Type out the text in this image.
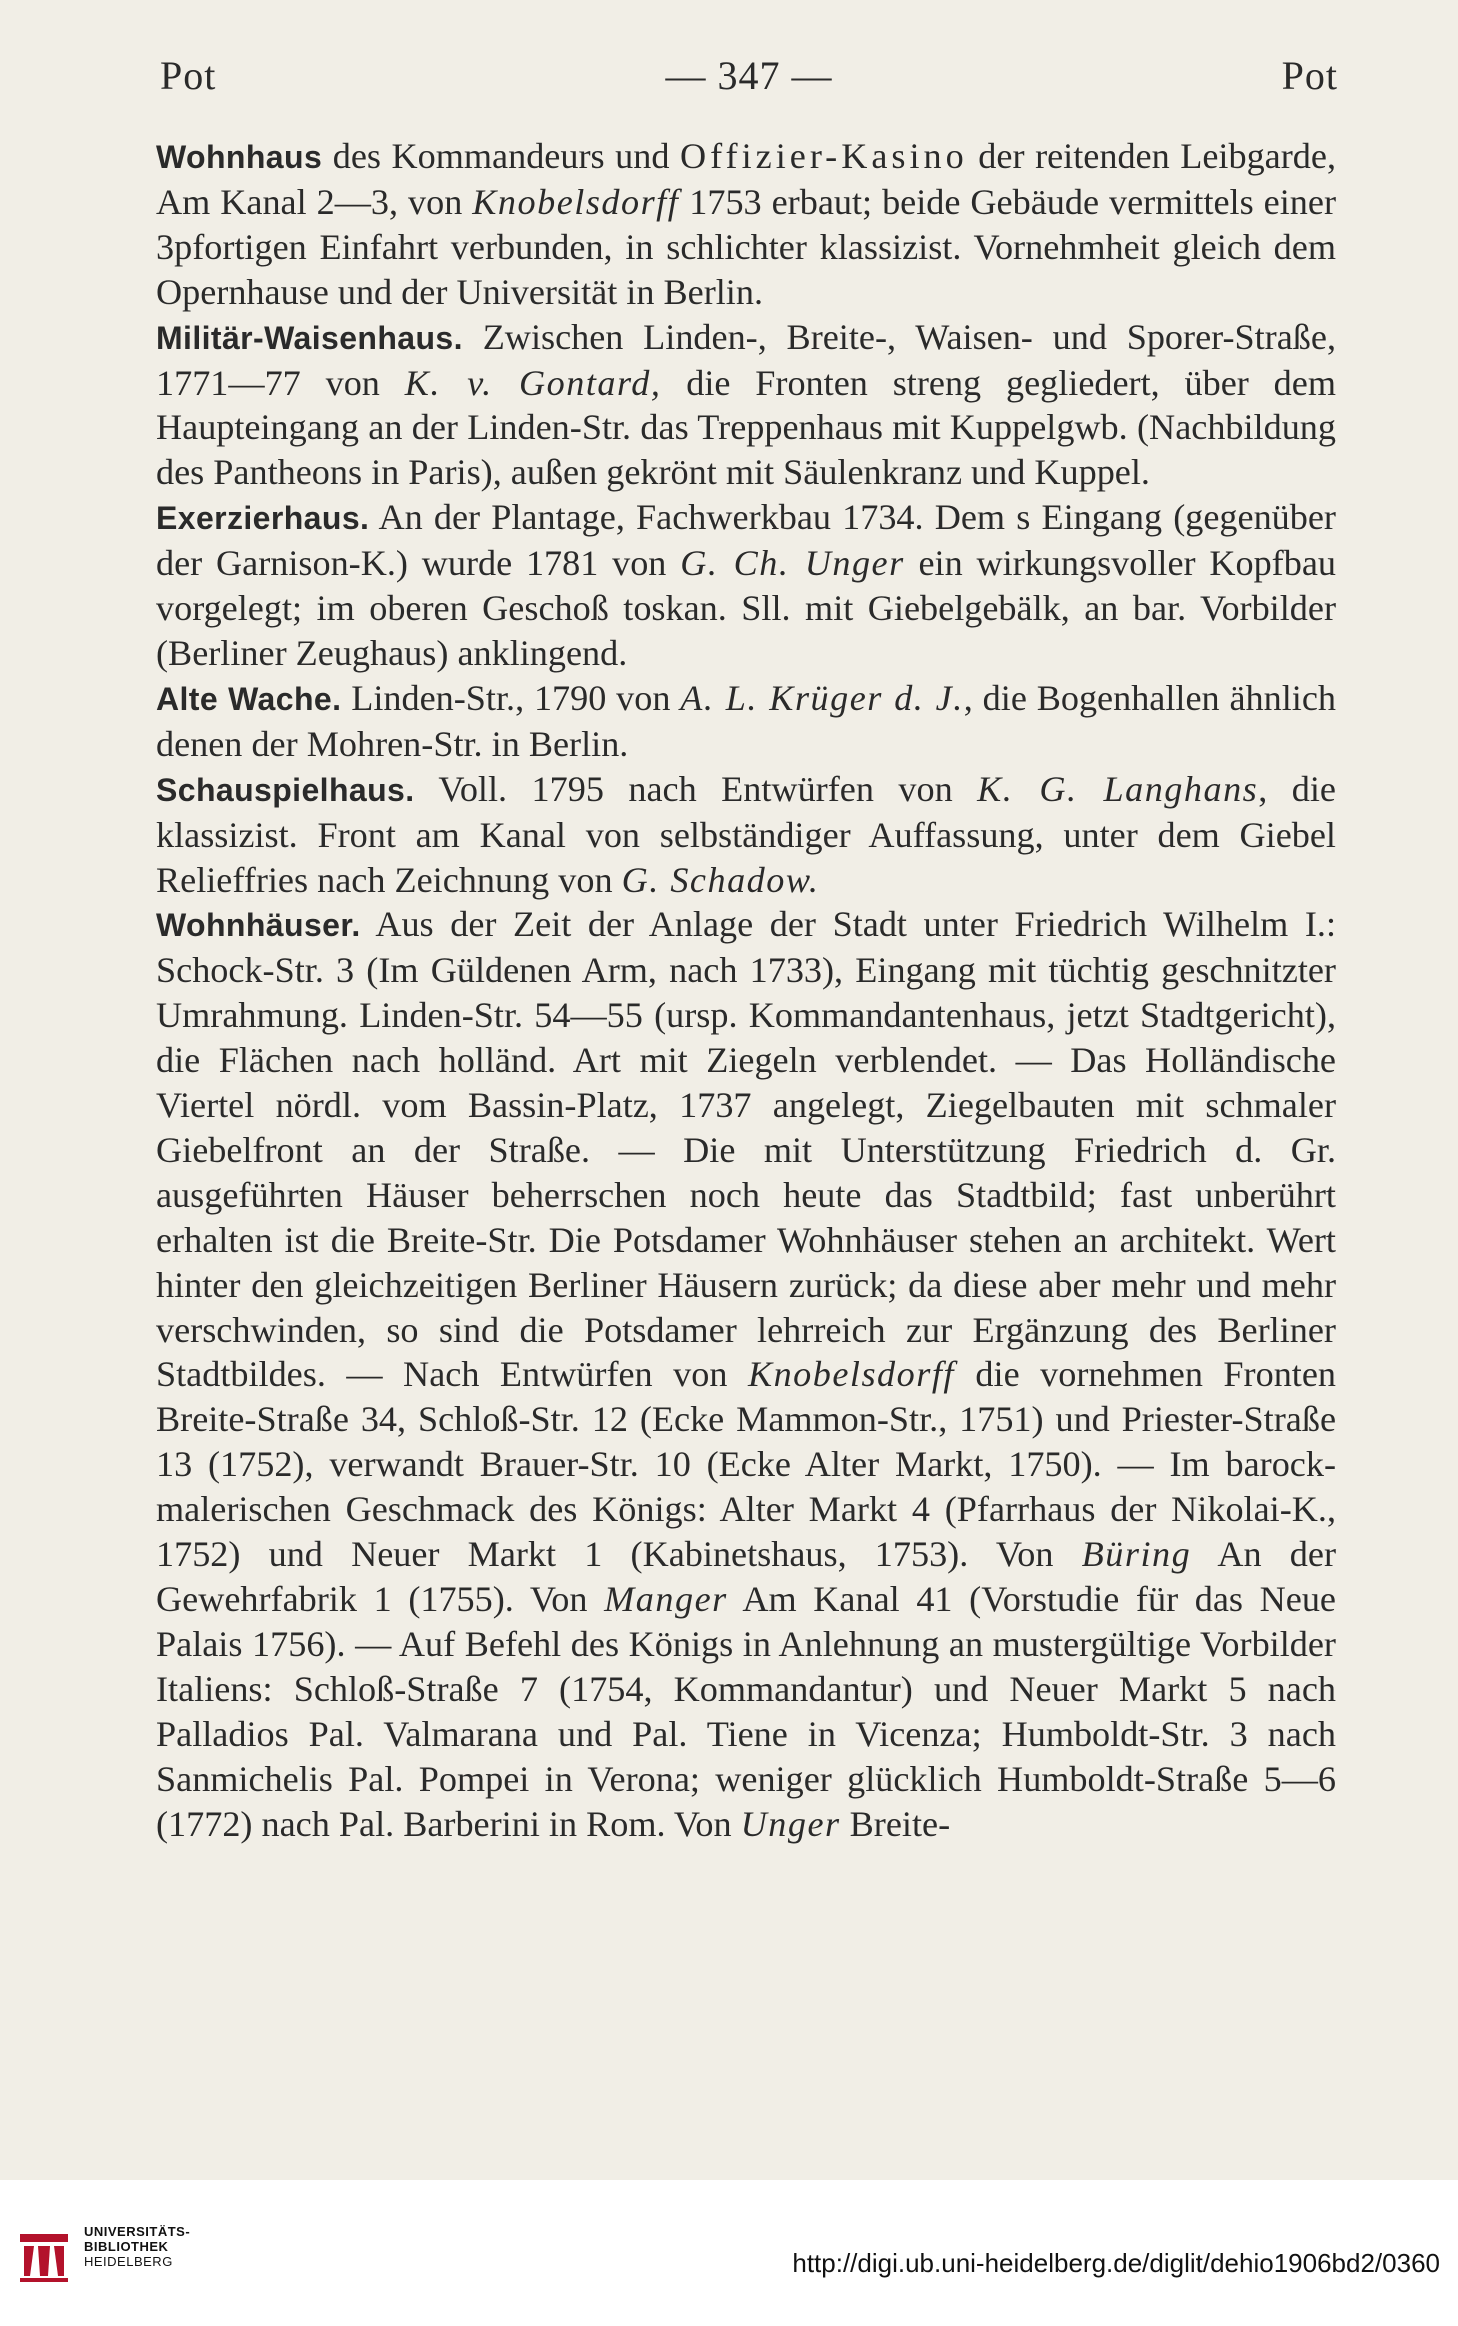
Pot	— 347 —	Pot

Wohnhaus des Kommandeurs und Offizier-Kasino der reitenden Leibgarde, Am Kanal 2—3, von Knobelsdorff 1753 erbaut; beide Gebäude vermittels einer 3pfortigen Einfahrt verbunden, in schlichter klassizist. Vornehmheit gleich dem Opernhause und der Universität in Berlin.

Militär-Waisenhaus. Zwischen Linden-, Breite-, Waisen- und Sporer-Straße, 1771—77 von K. v. Gontard, die Fronten streng gegliedert, über dem Haupteingang an der Linden-Str. das Treppenhaus mit Kuppelgwb. (Nachbildung des Pantheons in Paris), außen gekrönt mit Säulenkranz und Kuppel.

Exerzierhaus. An der Plantage, Fachwerkbau 1734. Dem s Eingang (gegenüber der Garnison-K.) wurde 1781 von G. Ch. Unger ein wirkungsvoller Kopfbau vorgelegt; im oberen Geschoß toskan. Sll. mit Giebelgebälk, an bar. Vorbilder (Berliner Zeughaus) anklingend.

Alte Wache. Linden-Str., 1790 von A. L. Krüger d. J., die Bogenhallen ähnlich denen der Mohren-Str. in Berlin.

Schauspielhaus. Voll. 1795 nach Entwürfen von K. G. Langhans, die klassizist. Front am Kanal von selbständiger Auffassung, unter dem Giebel Relieffries nach Zeichnung von G. Schadow.

Wohnhäuser. Aus der Zeit der Anlage der Stadt unter Friedrich Wilhelm I.: Schock-Str. 3 (Im Güldenen Arm, nach 1733), Eingang mit tüchtig geschnitzter Umrahmung. Linden-Str. 54—55 (ursp. Kommandantenhaus, jetzt Stadtgericht), die Flächen nach holländ. Art mit Ziegeln verblendet. — Das Holländische Viertel nördl. vom Bassin-Platz, 1737 angelegt, Ziegelbauten mit schmaler Giebelfront an der Straße. — Die mit Unterstützung Friedrich d. Gr. ausgeführten Häuser beherrschen noch heute das Stadtbild; fast unberührt erhalten ist die Breite-Str. Die Potsdamer Wohnhäuser stehen an architekt. Wert hinter den gleichzeitigen Berliner Häusern zurück; da diese aber mehr und mehr verschwinden, so sind die Potsdamer lehrreich zur Ergänzung des Berliner Stadtbildes. — Nach Entwürfen von Knobelsdorff die vornehmen Fronten Breite-Straße 34, Schloß-Str. 12 (Ecke Mammon-Str., 1751) und Priester-Straße 13 (1752), verwandt Brauer-Str. 10 (Ecke Alter Markt, 1750). — Im barock-malerischen Geschmack des Königs: Alter Markt 4 (Pfarrhaus der Nikolai-K., 1752) und Neuer Markt 1 (Kabinetshaus, 1753). Von Büring An der Gewehrfabrik 1 (1755). Von Manger Am Kanal 41 (Vorstudie für das Neue Palais 1756). — Auf Befehl des Königs in Anlehnung an mustergültige Vorbilder Italiens: Schloß-Straße 7 (1754, Kommandantur) und Neuer Markt 5 nach Palladios Pal. Valmarana und Pal. Tiene in Vicenza; Humboldt-Str. 3 nach Sanmichelis Pal. Pompei in Verona; weniger glücklich Humboldt-Straße 5—6 (1772) nach Pal. Barberini in Rom. Von Unger Breite-

UNIVERSITÄTS-
BIBLIOTHEK
HEIDELBERG	http://digi.ub.uni-heidelberg.de/diglit/dehio1906bd2/0360
